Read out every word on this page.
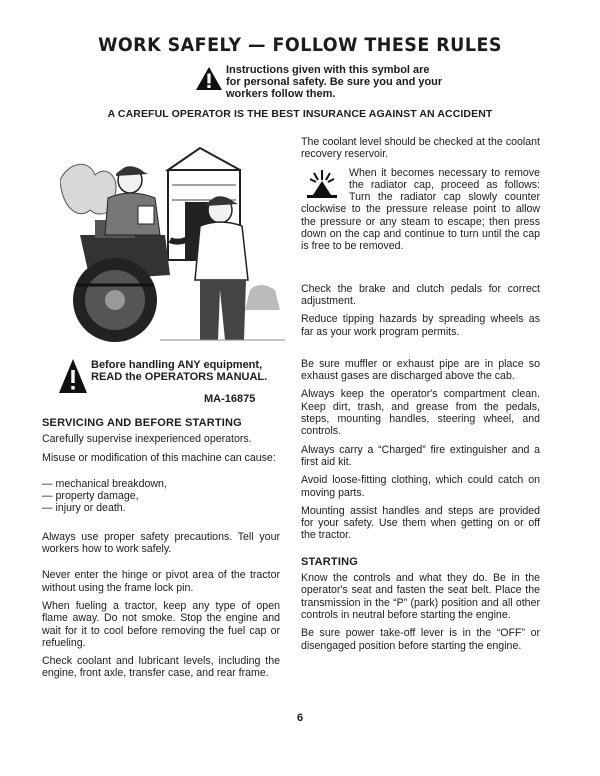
WORK SAFELY — FOLLOW THESE RULES
Instructions given with this symbol are for personal safety. Be sure you and your workers follow them.
A CAREFUL OPERATOR IS THE BEST INSURANCE AGAINST AN ACCIDENT
Before handling ANY equipment, READ the OPERATORS MANUAL.
MA-16875
SERVICING AND BEFORE STARTING

Carefully supervise inexperienced operators.

Misuse or modification of this machine can cause:

— mechanical breakdown,
— property damage,
— injury or death.

Always use proper safety precautions. Tell your workers how to work safely.

Never enter the hinge or pivot area of the tractor without using the frame lock pin.

When fueling a tractor, keep any type of open flame away. Do not smoke. Stop the engine and wait for it to cool before removing the fuel cap or refueling.

Check coolant and lubricant levels, including the engine, front axle, transfer case, and rear frame.

The coolant level should be checked at the coolant recovery reservoir.

When it becomes necessary to remove the radiator cap, proceed as follows: Turn the radiator cap slowly counter clockwise to the pressure release point to allow the pressure or any steam to escape; then press down on the cap and continue to turn until the cap is free to be removed.

Check the brake and clutch pedals for correct adjustment.

Reduce tipping hazards by spreading wheels as far as your work program permits.

Be sure muffler or exhaust pipe are in place so exhaust gases are discharged above the cab.

Always keep the operator's compartment clean. Keep dirt, trash, and grease from the pedals, steps, mounting handles, steering wheel, and controls.

Always carry a “Charged” fire extinguisher and a first aid kit.

Avoid loose-fitting clothing, which could catch on moving parts.

Mounting assist handles and steps are provided for your safety. Use them when getting on or off the tractor.

STARTING

Know the controls and what they do. Be in the operator's seat and fasten the seat belt. Place the transmission in the “P” (park) position and all other controls in neutral before starting the engine.

Be sure power take-off lever is in the “OFF” or disengaged position before starting the engine.

6
